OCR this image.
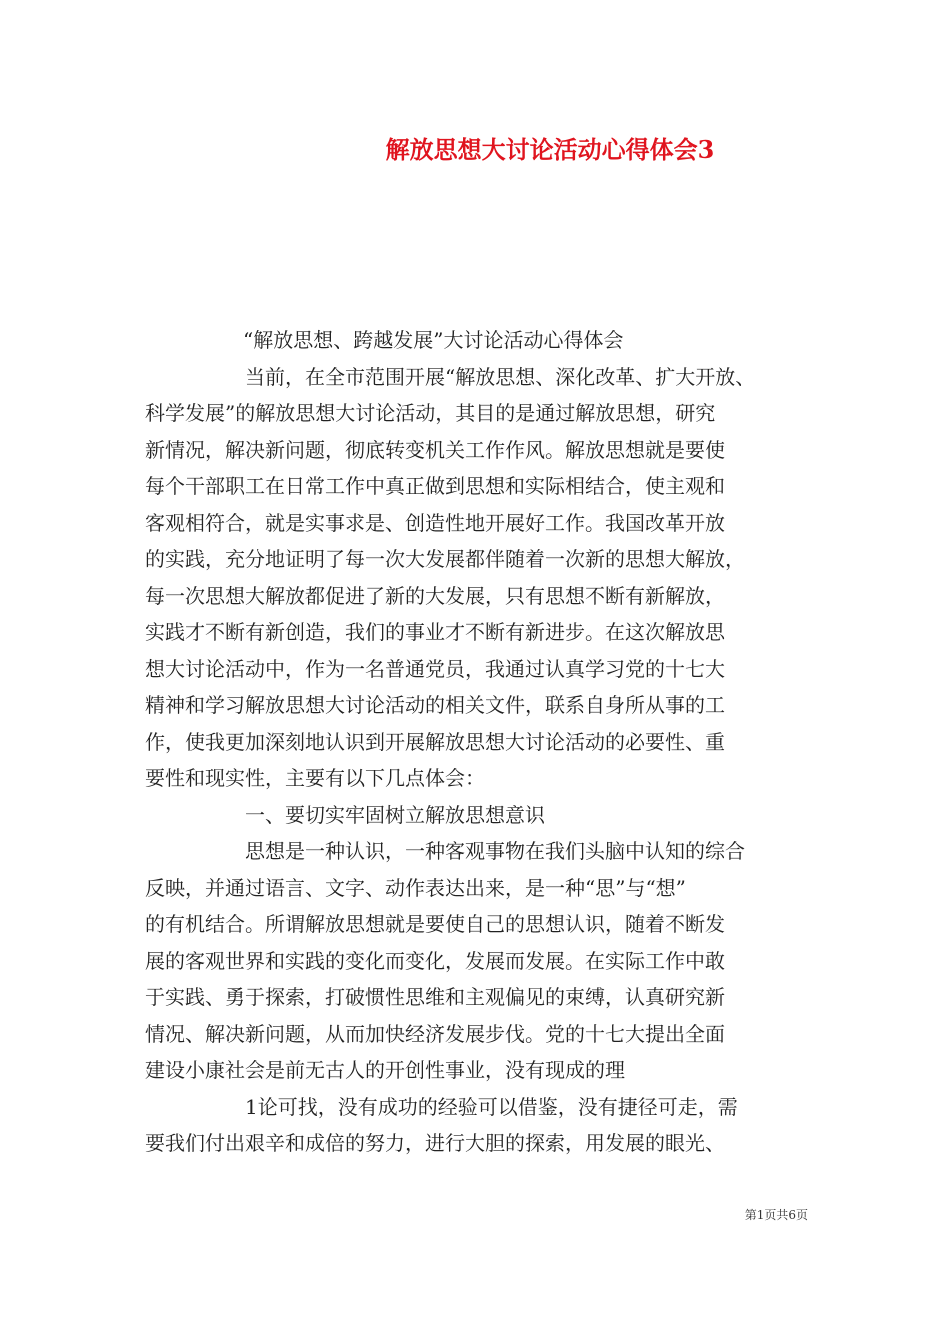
解放思想大讨论活动心得体会3

“解放思想、跨越发展”大讨论活动心得体会

当前，在全市范围开展“解放思想、深化改革、扩大开放、

科学发展”的解放思想大讨论活动，其目的是通过解放思想，研究

新情况，解决新问题，彻底转变机关工作作风。解放思想就是要使

每个干部职工在日常工作中真正做到思想和实际相结合，使主观和

客观相符合，就是实事求是、创造性地开展好工作。我国改革开放

的实践，充分地证明了每一次大发展都伴随着一次新的思想大解放，

每一次思想大解放都促进了新的大发展，只有思想不断有新解放，

实践才不断有新创造，我们的事业才不断有新进步。在这次解放思

想大讨论活动中，作为一名普通党员，我通过认真学习党的十七大

精神和学习解放思想大讨论活动的相关文件，联系自身所从事的工

作，使我更加深刻地认识到开展解放思想大讨论活动的必要性、重

要性和现实性，主要有以下几点体会：

一、要切实牢固树立解放思想意识

思想是一种认识，一种客观事物在我们头脑中认知的综合

反映，并通过语言、文字、动作表达出来，是一种“思”与“想”

的有机结合。所谓解放思想就是要使自己的思想认识，随着不断发

展的客观世界和实践的变化而变化，发展而发展。在实际工作中敢

于实践、勇于探索，打破惯性思维和主观偏见的束缚，认真研究新

情况、解决新问题，从而加快经济发展步伐。党的十七大提出全面

建设小康社会是前无古人的开创性事业，没有现成的理

1论可找，没有成功的经验可以借鉴，没有捷径可走，需

要我们付出艰辛和成倍的努力，进行大胆的探索，用发展的眼光、

第1页共6页
